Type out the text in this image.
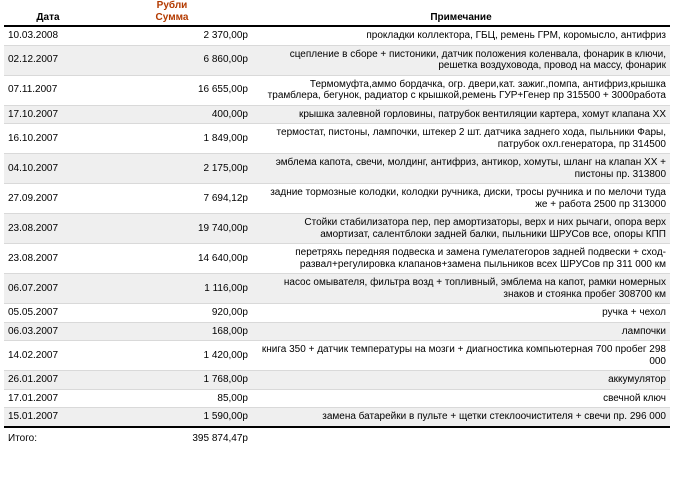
	Рубли	
Дата	Сумма	Примечание
10.03.2008	2 370,00р	прокладки коллектора, ГБЦ, ремень ГРМ, коромысло, антифриз
02.12.2007	6 860,00р	сцепление в сборе + пистоники, датчик положения коленвала, фонарик в ключи, решетка воздуховода, провод на массу, фонарик
07.11.2007	16 655,00р	Термомуфта,аммо бордачка, огр. двери,кат. зажиг.,помпа, антифриз,крышка трамблера, бегунок, радиатор с крышкой,ремень ГУР+Генер пр 315500 + 3000работа
17.10.2007	400,00р	крышка залевной горловины, патрубок вентиляции картера, хомут клапана ХХ
16.10.2007	1 849,00р	термостат, пистоны, лампочки, штекер 2 шт. датчика заднего хода, пыльники Фары, патрубок охл.генератора, пр 314500
04.10.2007	2 175,00р	эмблема капота, свечи, молдинг, антифриз, антикор, хомуты, шланг на клапан ХХ + пистоны пр. 313800
27.09.2007	7 694,12р	задние тормозные колодки, колодки ручника, диски, тросы ручника и по мелочи туда же + работа 2500 пр 313000
23.08.2007	19 740,00р	Стойки стабилизатора пер, пер амортизаторы, верх и них рычаги, опора верх амортизат, салентблоки задней балки, пыльники ШРУСов все, опоры КПП
23.08.2007	14 640,00р	перетряхь передняя подвеска и замена гумелатегоров задней подвески + сход-развал+регулировка клапанов+замена пыльников всех ШРУСов пр 311 000 км
06.07.2007	1 116,00р	насос омывателя, фильтра возд + топливный, эмблема на капот, рамки номерных знаков и стоянка пробег 308700 км
05.05.2007	920,00р	ручка + чехол
06.03.2007	168,00р	лампочки
14.02.2007	1 420,00р	книга 350 + датчик температуры на мозги + диагностика компьютерная 700 пробег 298 000
26.01.2007	1 768,00р	аккумулятор
17.01.2007	85,00р	свечной ключ
15.01.2007	1 590,00р	замена батарейки в пульте + щетки стеклоочистителя + свечи пр. 296 000
Итого:	395 874,47р	
